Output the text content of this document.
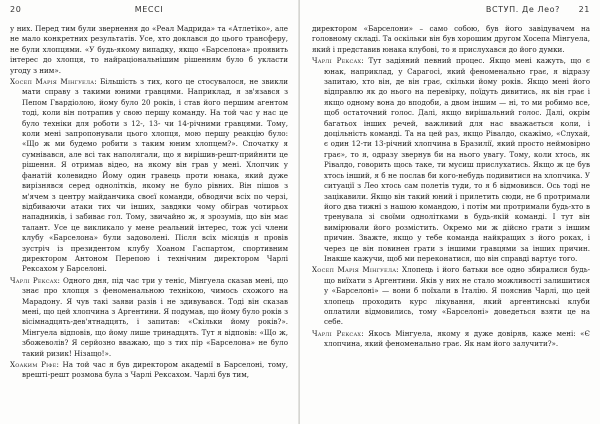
20	МЕССІ

у них. Перед тим були звернення до «Реал Мадрида» та «Атлетіко», але не мало конкретних результатів. Усе, хто доклався до цього трансферу, не були хлопцями. «У будь-якому випадку, якщо «Барселона» проявить інтерес до хлопця, то найраціональнішим рішенням було б укласти угоду з ним».

Хосеп Марія Мінгуела: Більшість з тих, кого це стосувалося, не звикли мати справу з такими юними гравцями. Наприклад, я зв'язався з Пепом Гвардіолою, йому було 20 років, і став його першим агентом тоді, коли він потрапив у свою першу команду. На той час у нас це було техніки для роботи з 12-, 13- чи 14-річними гравцями. Тому, коли мені запропонували цього хлопця, мою першу реакцію було: «Що ж ми будемо робити з таким юним хлопцем?». Спочатку я сумнівався, але всі так наполягали, що я вирішив-решт-прийняти це рішення. Я отримав відео, на якому він грав у мені. Хлопчик у фанатій колевидно Йому один гравець проти юнака, який дуже вирізнявся серед однолітків, якому не було рівних. Він пішов з м'ячем з центру майданчика своєї команди, обводячи всіх по черзі, відбиваючи атаки тих чи інших, завдяки чому обіграв чотирьох нападників, і забиває гол. Тому, звичайно ж, я зрозумів, що він має талант. Усе це викликало у мене реальний інтерес, тож усі члени клубу «Барселона» були задоволені. Після всіх місяців я провів зустріч із президентом клубу Хоаном Гаспартом, спортивним директором Антоном Перепою і технічним директором Чарлі Рексахом у Барселоні.

Чарлі Рексах: Одного дня, під час три у теніс, Мінгуела сказав мені, що знає про хлопця з феноменальною технікою, чимось схожого на Марадону. Я чув такі заяви разів і не здивувався. Тоді він сказав мені, що цей хлопчина з Аргентини. Я подумав, що йому було років з вісімнадцять-дев'ятнадцять, і запитав: «Скільки йому років?». Мінгуела відповів, що йому лише тринадцять. Тут я відповів: «Що ж, збожеволів? Я серйозно вважаю, що з тих пір «Барселона» не було такий ризик! Нізащо!».

Хоаким Ріфе: На той час я був директором академії в Барселоні, тому, врешті-решт розмова була з Чарлі Рексахом. Чарлі був тим,

ВСТУП. Де Лео? 21

директором «Барселони» – само собою, був його завідувачем на головному складі. Та оскільки він був хорошим другом Хосепа Мінгуела, який і представив юнака клубові, то я прислухався до його думки.

Чарлі Рексах: Тут задіяний певний процес. Якщо мені кажуть, що є юнак, наприклад, у Сарагосі, який феноменально грає, я відразу запитаю, хто він, де він грає, скільки йому років. Якщо мені його відправлю як до нього на перевірку, поїдуть дивитись, як він грає і якщо одному вона до вподоби, а двом іншим — ні, то ми робимо все, щоб остаточний голос. Далі, якщо вирішальний голос. Далі, окрім багатьох інших речей, важливий для нас вважається коли, і доцільність команді. Та на цей раз, якщо Рівалдо, скажімо, «Слухай, є один 12-ти 13-річний хлопчина в Бразилії, який просто неймовірно грає», то я, одразу звернув би на нього увагу. Тому, коли хтось, як Рівалдо, говорить щось таке, ти мусиш прислухатись. Якщо ж це був хтось інший, я б не послав би кого-небудь подивитися на хлопчика. У ситуації з Лео хтось сам полетів туди, то я б відмовився. Ось тоді не зацікавили. Якщо він такий юний і прилетить сюди, не б протримали його два тижні з нашою командою, і потім ми протримали будь-хто в тренувала зі своїми однолітками в будь-якій команді. І тут він вимірювали його розмістить. Окремо ми ж дійсно грати з іншим причин. Зважте, якщо у тебе команда найкращих з його роках, і через це він повинен грати з іншими гравцями за інших причин. Інакше кажучи, щоб ми переконатися, що він справді вартує того.

Хосеп Марія Мінгуела: Хлопець і його батьки все одно збиралися будь-що виїхати з Аргентини. Яків у них не стало можливості залишитися у «Барселоні» — вони б поїхали в Італію. Я пояснив Чарлі, що цей хлопець проходить курс лікування, який аргентинські клуби оплатили відмовились, тому «Барселоні» доведеться взяти це на себе.

Чарлі Рексах: Якось Мінгуела, якому я дуже довіряв, каже мені: «Є хлопчина, який феноменально грає. Як нам його залучити?».
